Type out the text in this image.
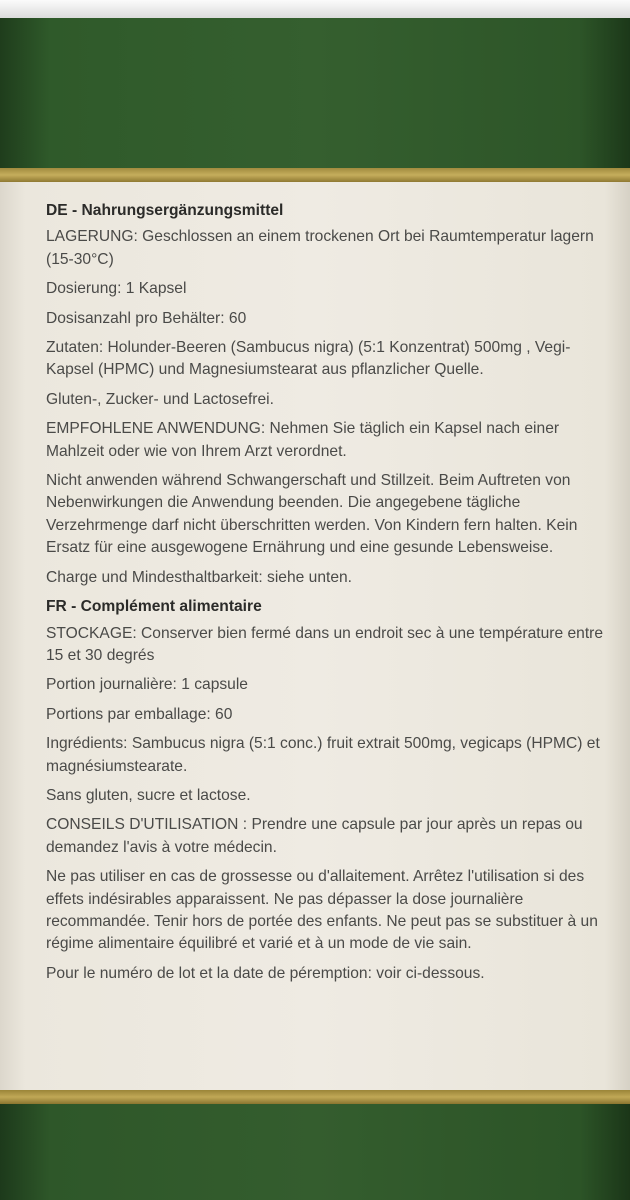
DE - Nahrungsergänzungsmittel

LAGERUNG: Geschlossen an einem trockenen Ort bei Raumtemperatur lagern (15-30°C)

Dosierung: 1 Kapsel

Dosisanzahl pro Behälter: 60

Zutaten: Holunder-Beeren (Sambucus nigra) (5:1 Konzentrat) 500mg , Vegi-Kapsel (HPMC) und Magnesiumstearat aus pflanzlicher Quelle.

Gluten-, Zucker- und Lactosefrei.

EMPFOHLENE ANWENDUNG: Nehmen Sie täglich ein Kapsel nach einer Mahlzeit oder wie von Ihrem Arzt verordnet.

Nicht anwenden während Schwangerschaft und Stillzeit. Beim Auftreten von Nebenwirkungen die Anwendung beenden. Die angegebene tägliche Verzehrmenge darf nicht überschritten werden. Von Kindern fern halten. Kein Ersatz für eine ausgewogene Ernährung und eine gesunde Lebensweise.

Charge und Mindesthaltbarkeit: siehe unten.

FR - Complément alimentaire

STOCKAGE: Conserver bien fermé dans un endroit sec à une température entre 15 et 30 degrés

Portion journalière: 1 capsule

Portions par emballage: 60

Ingrédients: Sambucus nigra (5:1 conc.) fruit extrait 500mg, vegicaps (HPMC) et magnésiumstearate.

Sans gluten, sucre et lactose.

CONSEILS D'UTILISATION : Prendre une capsule par jour après un repas ou demandez l'avis à votre médecin.

Ne pas utiliser en cas de grossesse ou d'allaitement. Arrêtez l'utilisation si des effets indésirables apparaissent. Ne pas dépasser la dose journalière recommandée. Tenir hors de portée des enfants. Ne peut pas se substituer à un régime alimentaire équilibré et varié et à un mode de vie sain.

Pour le numéro de lot et la date de péremption: voir ci-dessous.
